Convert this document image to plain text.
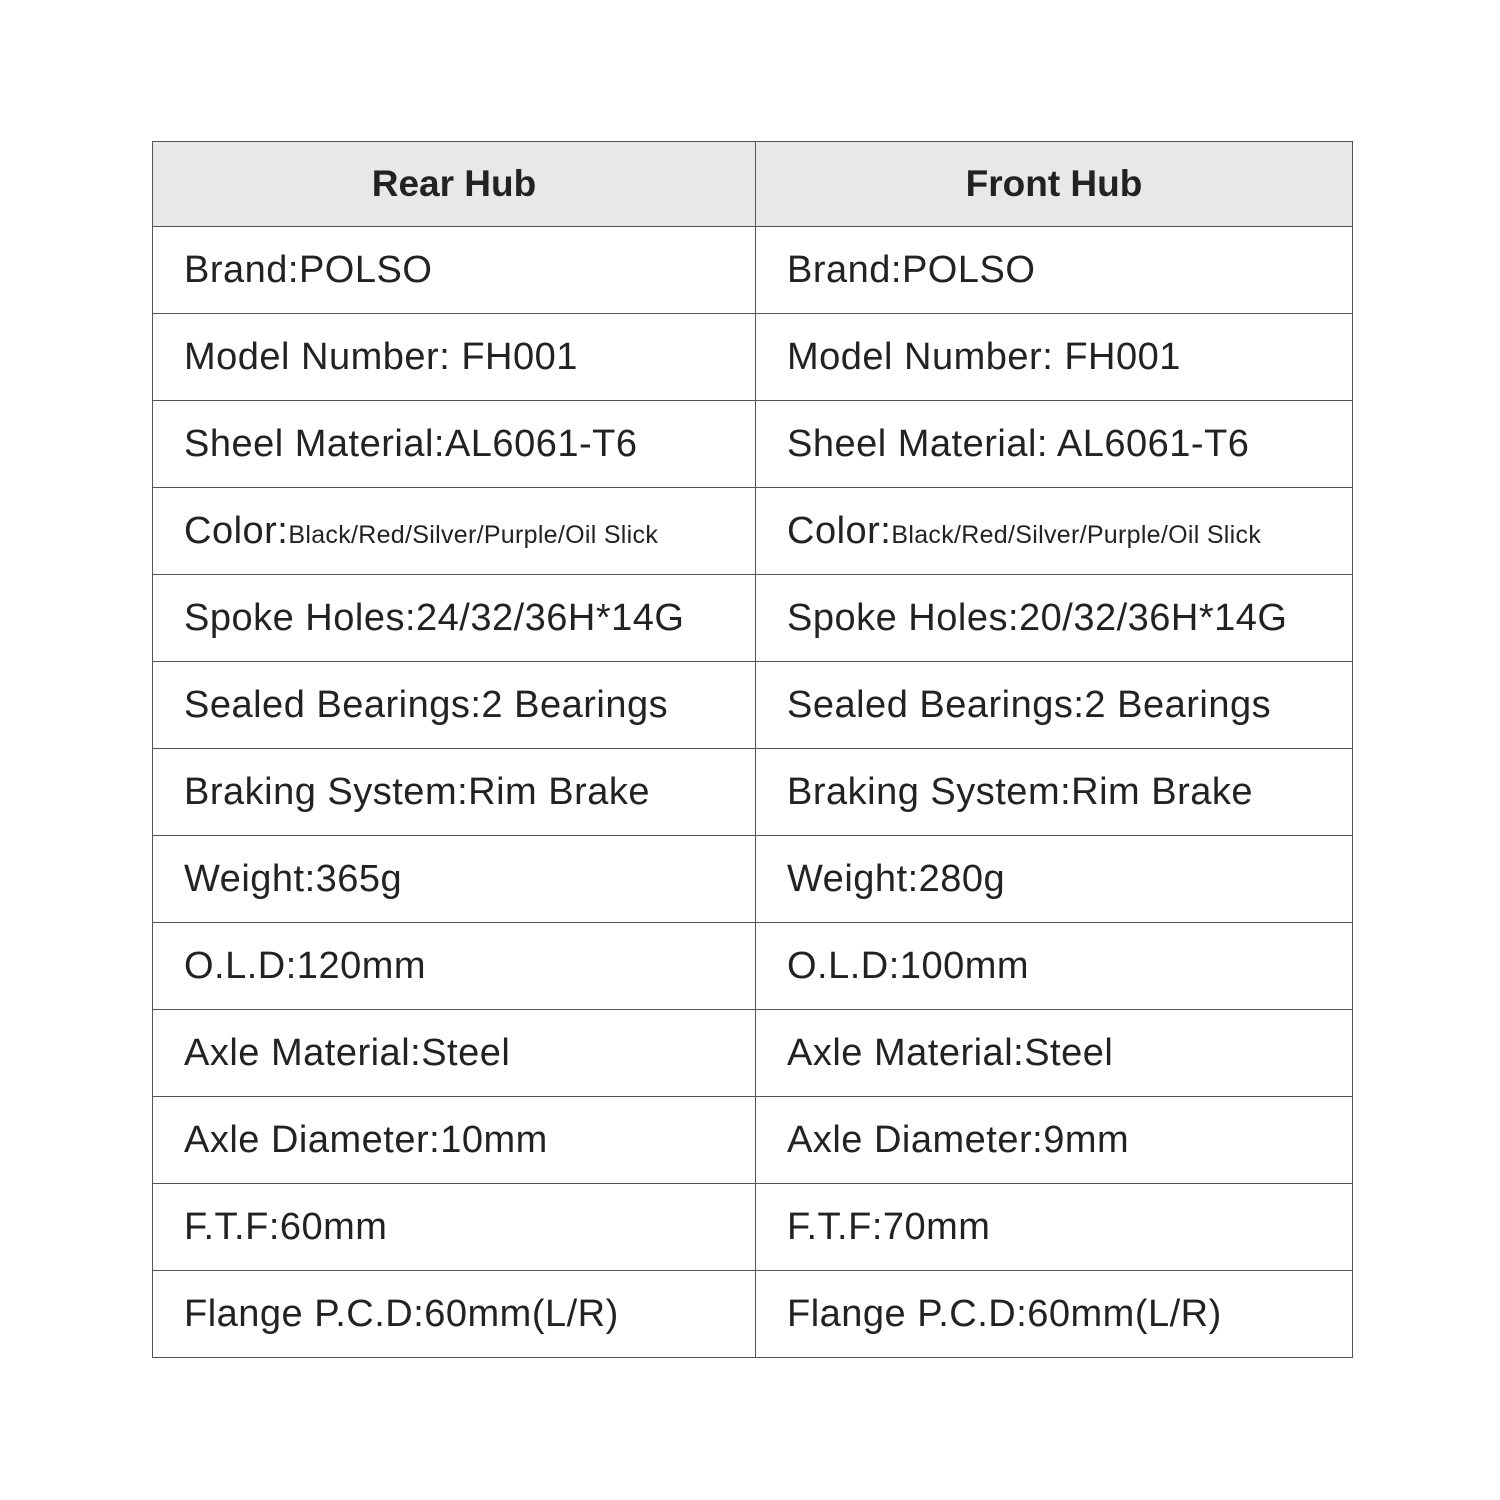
Rear Hub	Front Hub
Brand:POLSO	Brand:POLSO
Model Number: FH001	Model Number: FH001
Sheel Material:AL6061-T6	Sheel Material: AL6061-T6
Color:Black/Red/Silver/Purple/Oil Slick	Color:Black/Red/Silver/Purple/Oil Slick
Spoke Holes:24/32/36H*14G	Spoke Holes:20/32/36H*14G
Sealed Bearings:2 Bearings	Sealed Bearings:2 Bearings
Braking System:Rim Brake	Braking System:Rim Brake
Weight:365g	Weight:280g
O.L.D:120mm	O.L.D:100mm
Axle Material:Steel	Axle Material:Steel
Axle Diameter:10mm	Axle Diameter:9mm
F.T.F:60mm	F.T.F:70mm
Flange P.C.D:60mm(L/R)	Flange P.C.D:60mm(L/R)
